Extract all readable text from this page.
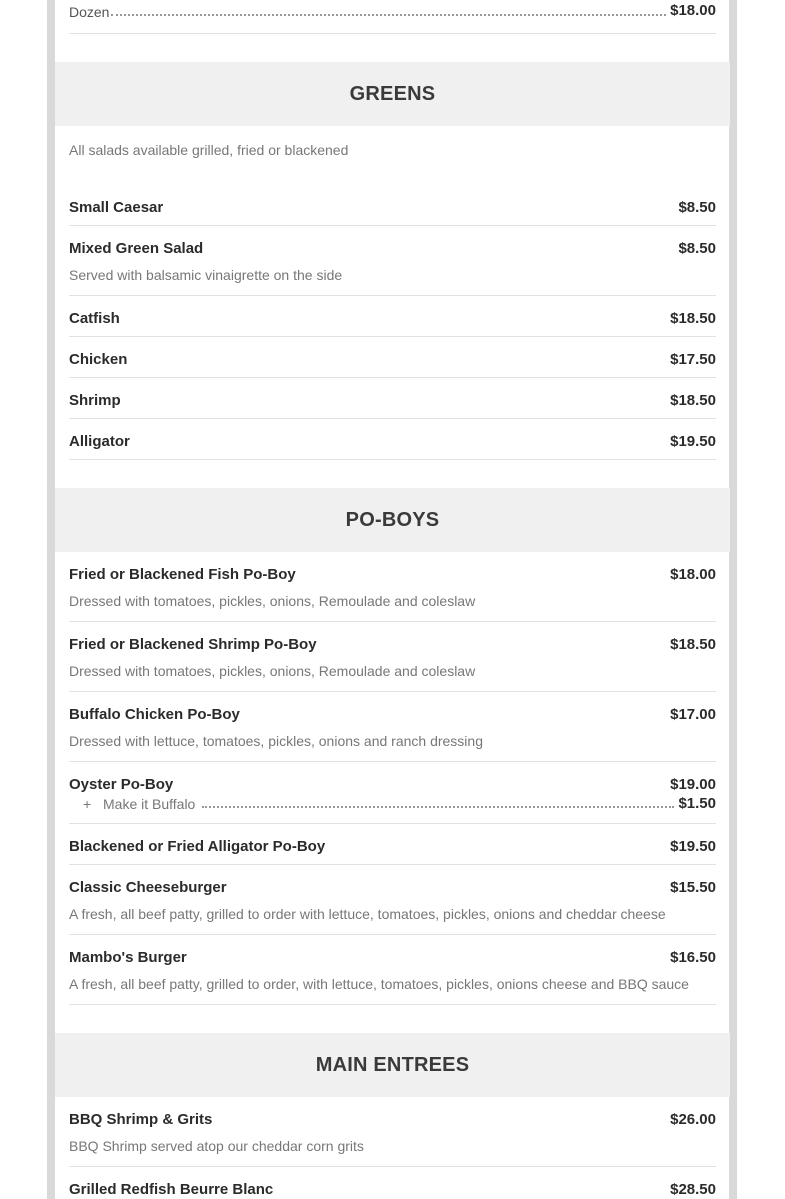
Dozen	$18.00
GREENS
All salads available grilled, fried or blackened
Small Caesar	$8.50
Mixed Green Salad	$8.50
Served with balsamic vinaigrette on the side
Catfish	$18.50
Chicken	$17.50
Shrimp	$18.50
Alligator	$19.50
PO-BOYS
Fried or Blackened Fish Po-Boy	$18.00
Dressed with tomatoes, pickles, onions, Remoulade and coleslaw
Fried or Blackened Shrimp Po-Boy	$18.50
Dressed with tomatoes, pickles, onions, Remoulade and coleslaw
Buffalo Chicken Po-Boy	$17.00
Dressed with lettuce, tomatoes, pickles, onions and ranch dressing
Oyster Po-Boy	$19.00
+ Make it Buffalo	$1.50
Blackened or Fried Alligator Po-Boy	$19.50
Classic Cheeseburger	$15.50
A fresh, all beef patty, grilled to order with lettuce, tomatoes, pickles, onions and cheddar cheese
Mambo's Burger	$16.50
A fresh, all beef patty, grilled to order, with lettuce, tomatoes, pickles, onions cheese and BBQ sauce
MAIN ENTREES
BBQ Shrimp & Grits	$26.00
BBQ Shrimp served atop our cheddar corn grits
Grilled Redfish Beurre Blanc	$28.50
